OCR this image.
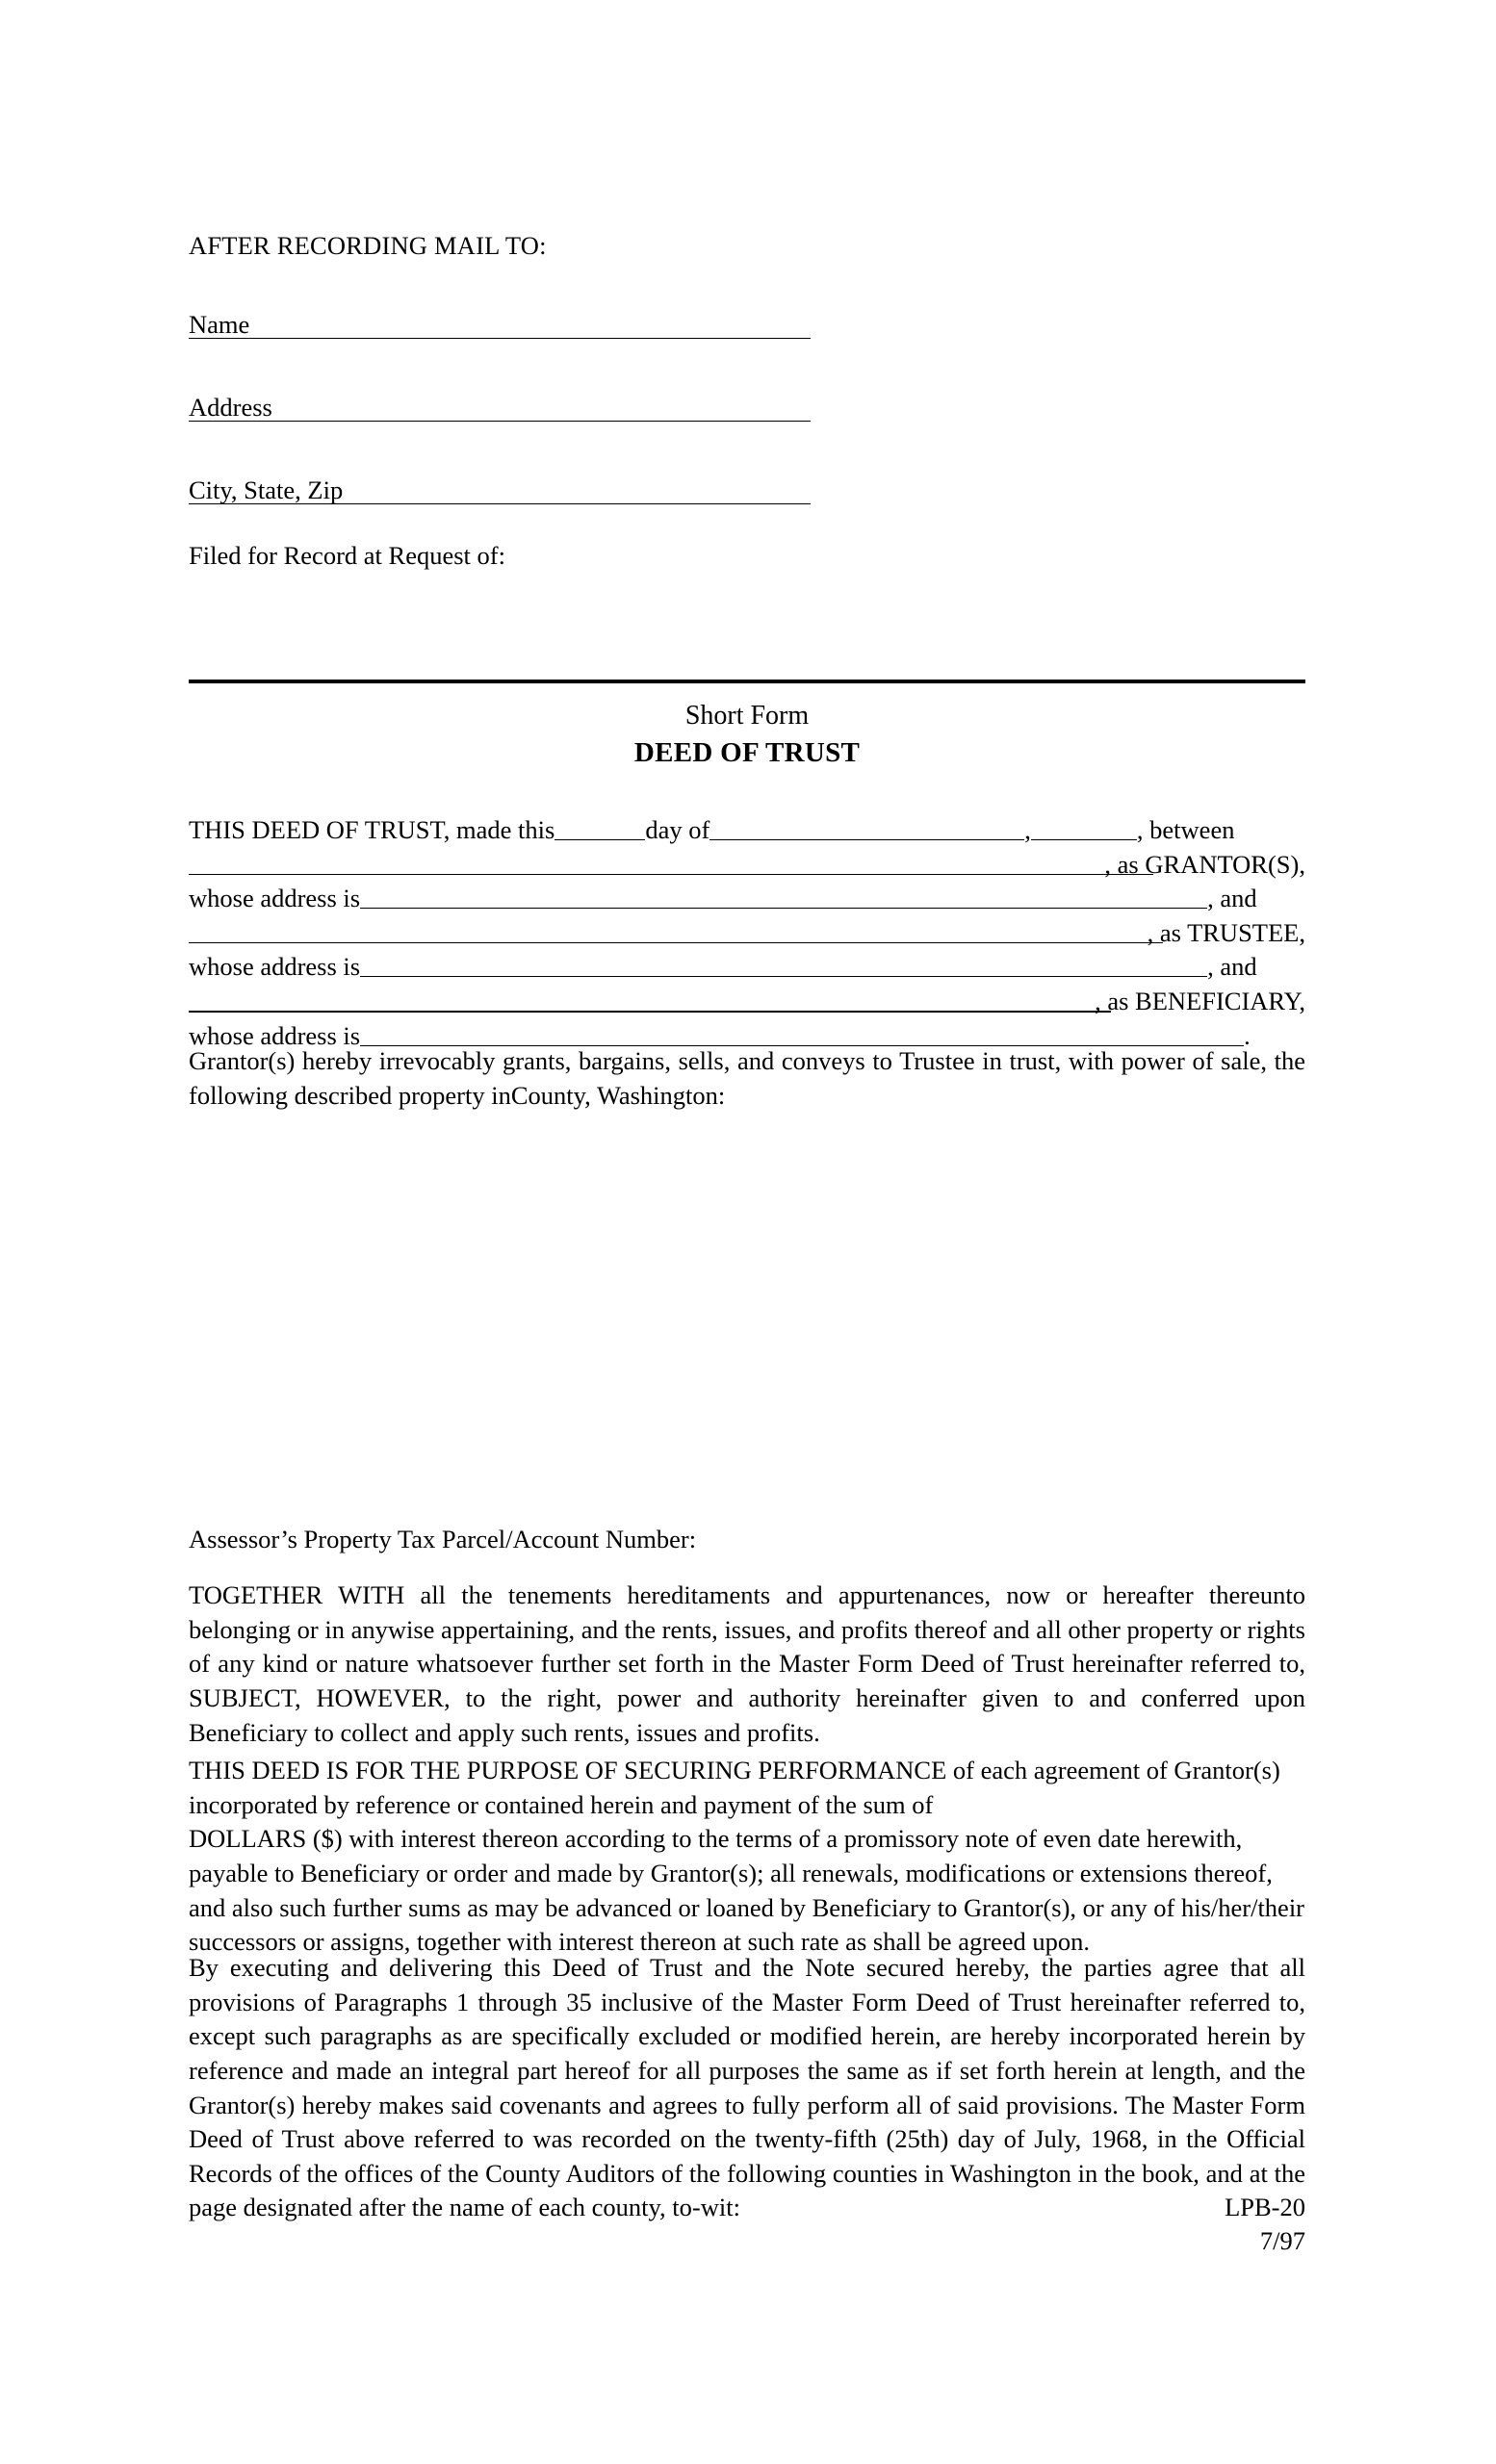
AFTER RECORDING MAIL TO:
Name
Address
City, State, Zip
Filed for Record at Request of:
Short Form
DEED OF TRUST
THIS DEED OF TRUST, made this	day of	,	, between
, as GRANTOR(S),
whose address is	, and
, as TRUSTEE,
whose address is	, and
, as BENEFICIARY,
whose address is	.
Grantor(s) hereby irrevocably grants, bargains, sells, and conveys to Trustee in trust, with power of sale, the following described property inCounty, Washington:
Assessor’s Property Tax Parcel/Account Number:
TOGETHER WITH all the tenements hereditaments and appurtenances, now or hereafter thereunto belonging or in anywise appertaining, and the rents, issues, and profits thereof and all other property or rights of any kind or nature whatsoever further set forth in the Master Form Deed of Trust hereinafter referred to, SUBJECT, HOWEVER, to the right, power and authority hereinafter given to and conferred upon Beneficiary to collect and apply such rents, issues and profits.
THIS DEED IS FOR THE PURPOSE OF SECURING PERFORMANCE of each agreement of Grantor(s) incorporated by reference or contained herein and payment of the sum of
DOLLARS ($) with interest thereon according to the terms of a promissory note of even date herewith, payable to Beneficiary or order and made by Grantor(s); all renewals, modifications or extensions thereof, and also such further sums as may be advanced or loaned by Beneficiary to Grantor(s), or any of his/her/their successors or assigns, together with interest thereon at such rate as shall be agreed upon.
By executing and delivering this Deed of Trust and the Note secured hereby, the parties agree that all provisions of Paragraphs 1 through 35 inclusive of the Master Form Deed of Trust hereinafter referred to, except such paragraphs as are specifically excluded or modified herein, are hereby incorporated herein by reference and made an integral part hereof for all purposes the same as if set forth herein at length, and the Grantor(s) hereby makes said covenants and agrees to fully perform all of said provisions. The Master Form Deed of Trust above referred to was recorded on the twenty-fifth (25th) day of July, 1968, in the Official Records of the offices of the County Auditors of the following counties in Washington in the book, and at the page designated after the name of each county, to-wit:	LPB-20
7/97
